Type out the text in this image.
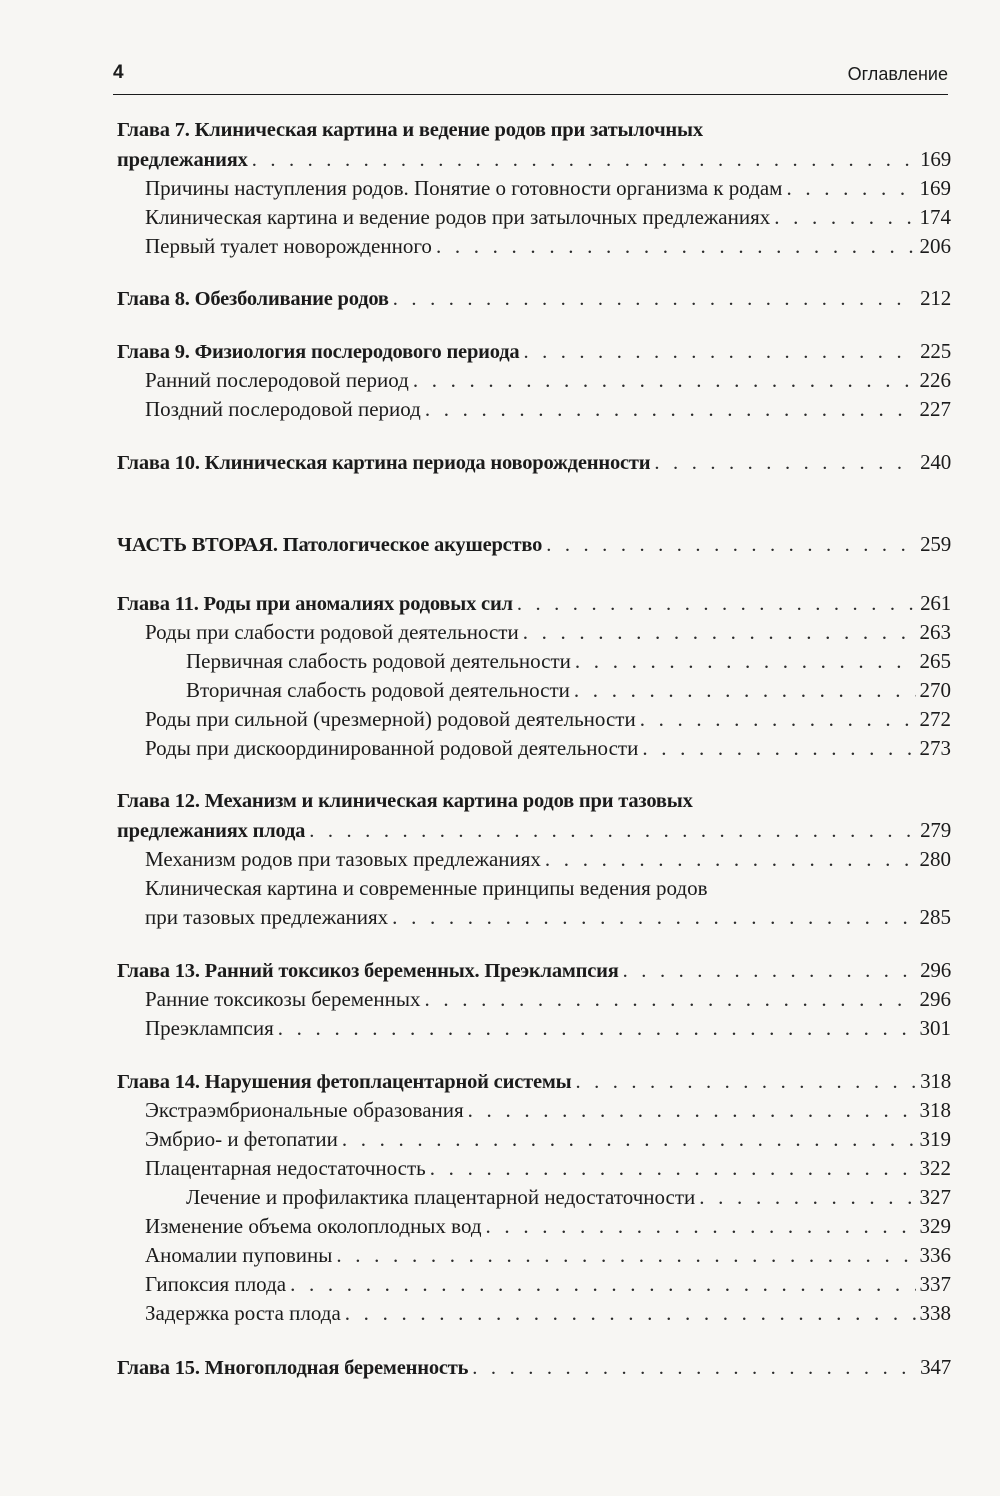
4	Оглавление
Глава 7. Клиническая картина и ведение родов при затылочных
предлежаниях . . .	169
Причины наступления родов. Понятие о готовности организма к родам . . .	169
Клиническая картина и ведение родов при затылочных предлежаниях . . .	174
Первый туалет новорожденного . . .	206
Глава 8. Обезболивание родов . . .	212
Глава 9. Физиология послеродового периода . . .	225
Ранний послеродовой период . . .	226
Поздний послеродовой период . . .	227
Глава 10. Клиническая картина периода новорожденности . . .	240
ЧАСТЬ ВТОРАЯ. Патологическое акушерство . . .	259
Глава 11. Роды при аномалиях родовых сил . . .	261
Роды при слабости родовой деятельности . . .	263
Первичная слабость родовой деятельности . . .	265
Вторичная слабость родовой деятельности . . .	270
Роды при сильной (чрезмерной) родовой деятельности . . .	272
Роды при дискоординированной родовой деятельности . . .	273
Глава 12. Механизм и клиническая картина родов при тазовых
предлежаниях плода . . .	279
Механизм родов при тазовых предлежаниях . . .	280
Клиническая картина и современные принципы ведения родов
при тазовых предлежаниях . . .	285
Глава 13. Ранний токсикоз беременных. Преэклампсия . . .	296
Ранние токсикозы беременных . . .	296
Преэклампсия . . .	301
Глава 14. Нарушения фетоплацентарной системы . . .	318
Экстраэмбриональные образования . . .	318
Эмбрио- и фетопатии . . .	319
Плацентарная недостаточность . . .	322
Лечение и профилактика плацентарной недостаточности . . .	327
Изменение объема околоплодных вод . . .	329
Аномалии пуповины . . .	336
Гипоксия плода . . .	337
Задержка роста плода . . .	338
Глава 15. Многоплодная беременность . . .	347
